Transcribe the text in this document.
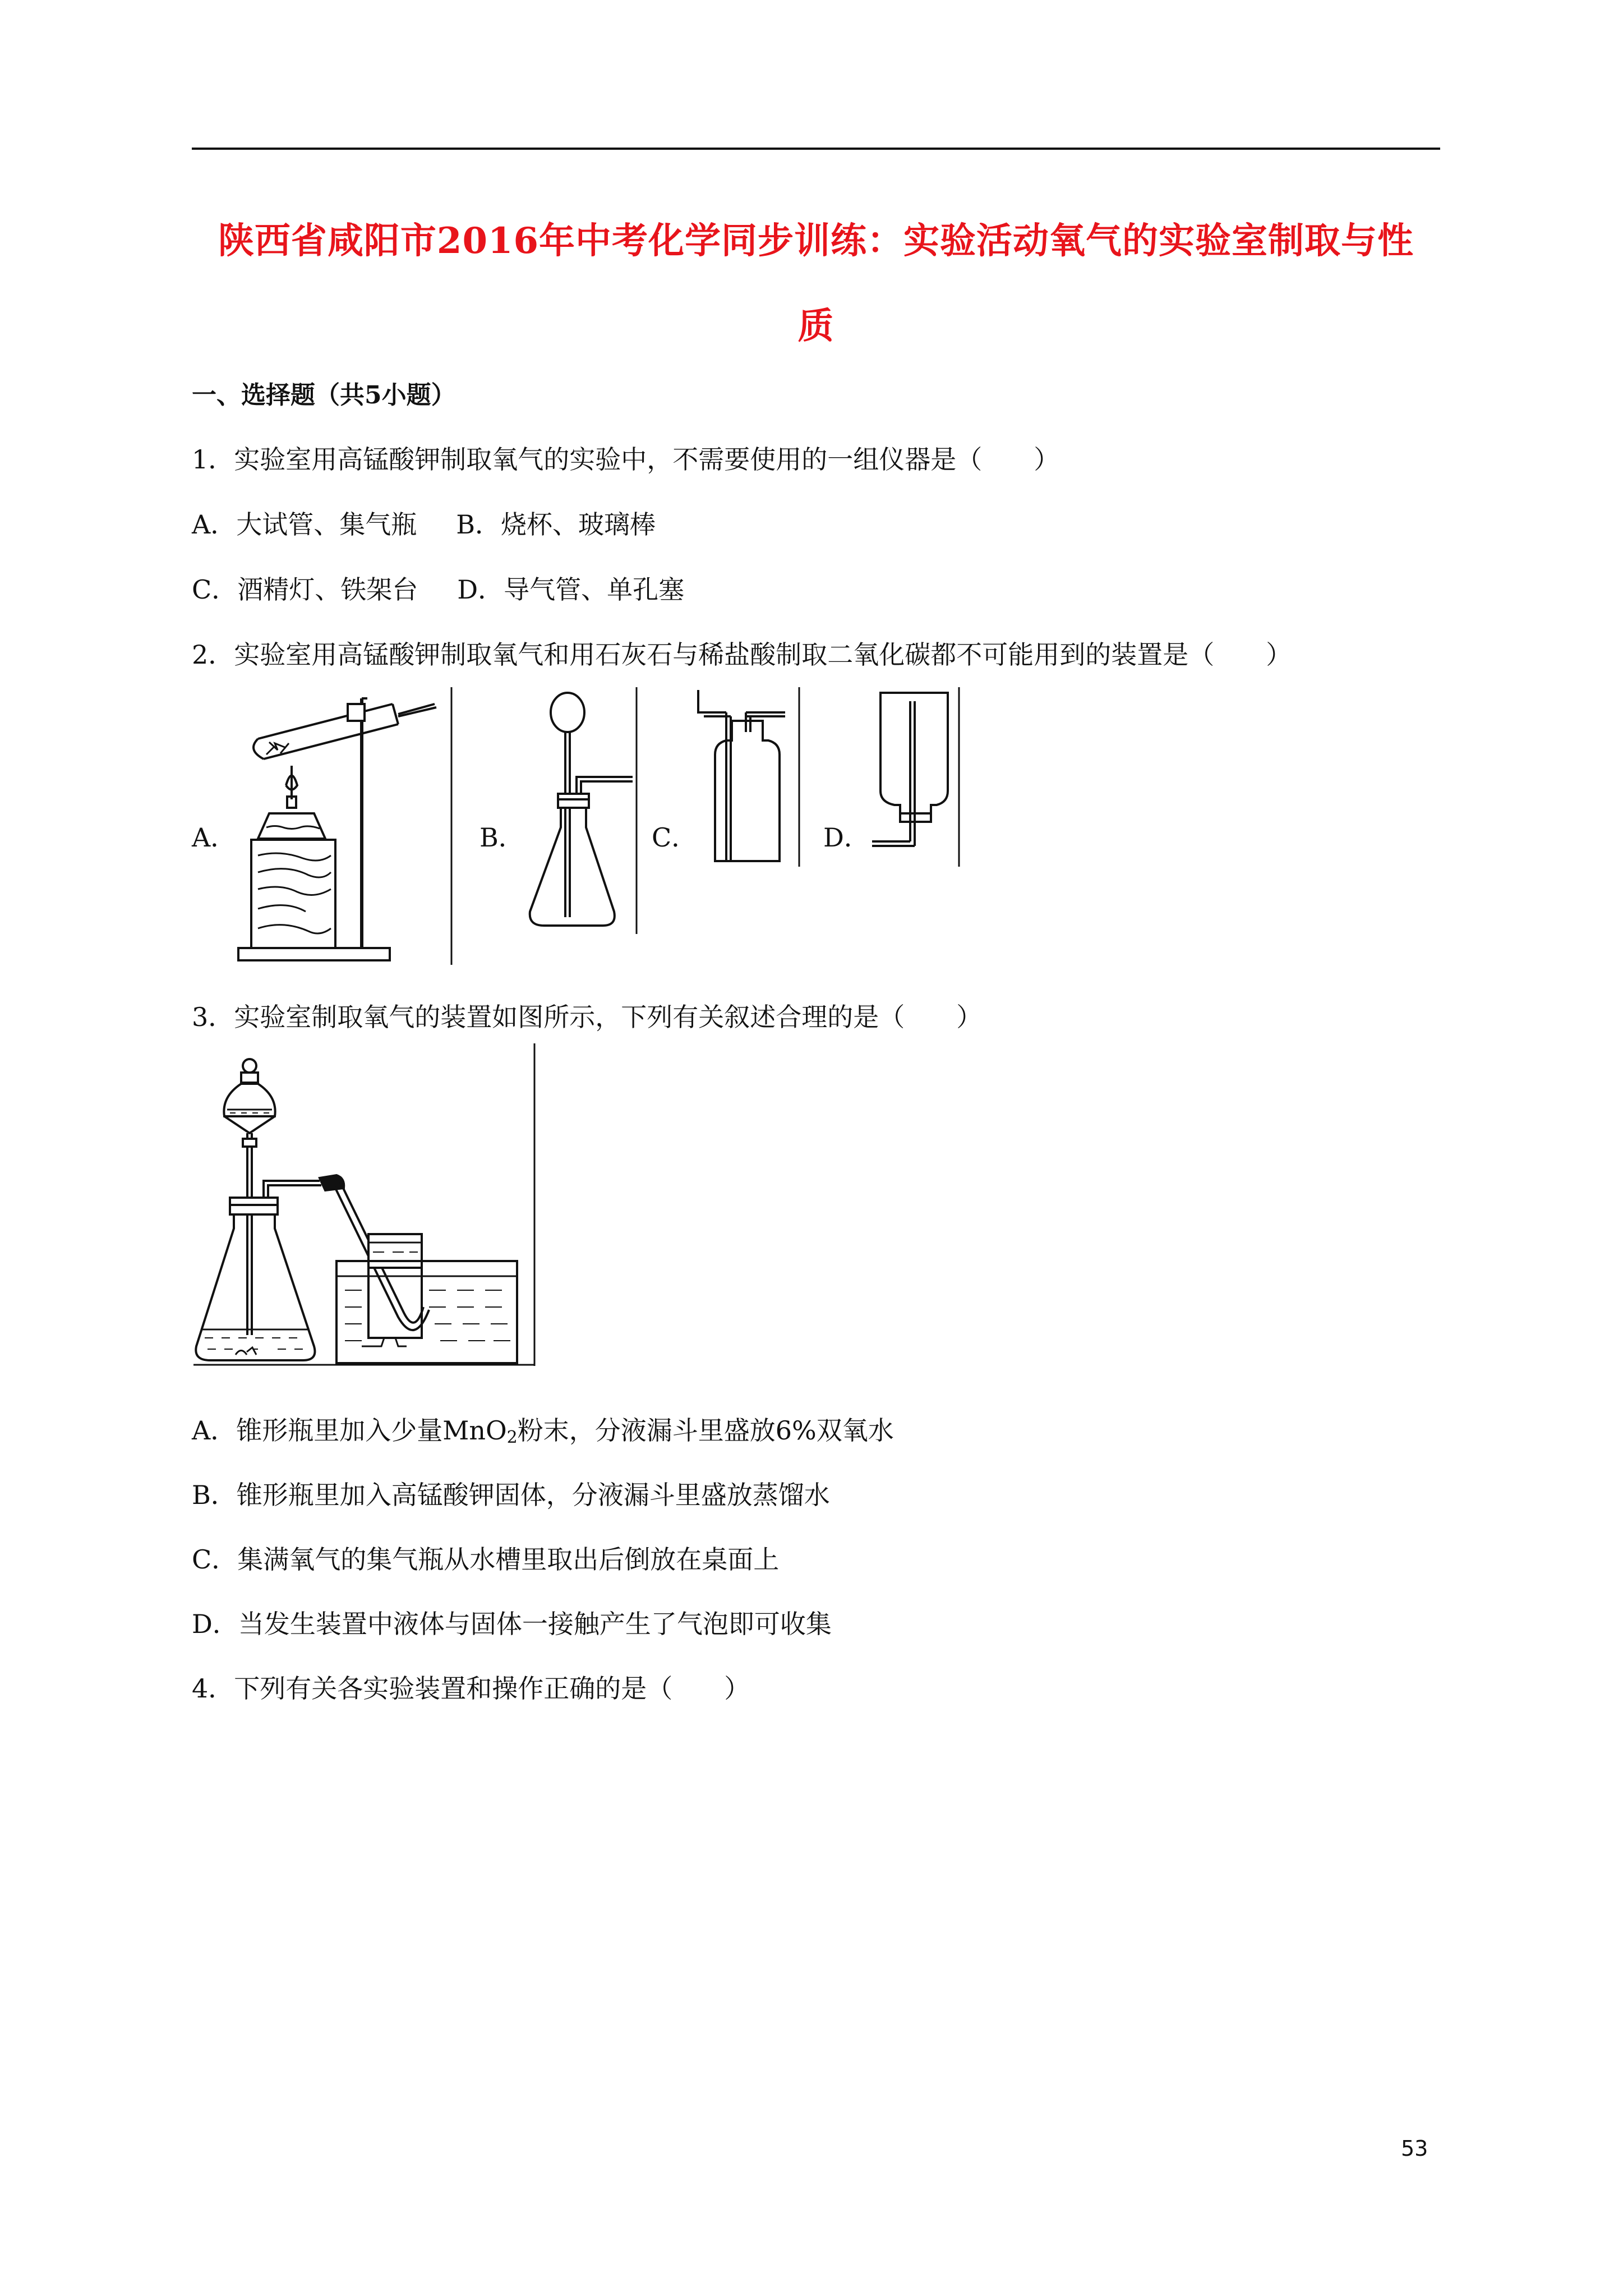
陕西省咸阳市2016年中考化学同步训练：实验活动氧气的实验室制取与性
质
一、选择题（共5小题）
1．实验室用高锰酸钾制取氧气的实验中，不需要使用的一组仪器是（　　）
A．大试管、集气瓶 B．烧杯、玻璃棒
C．酒精灯、铁架台 D．导气管、单孔塞
2．实验室用高锰酸钾制取氧气和用石灰石与稀盐酸制取二氧化碳都不可能用到的装置是（　　）
A．	B．	C．	D．
3．实验室制取氧气的装置如图所示，下列有关叙述合理的是（　　）
A．锥形瓶里加入少量MnO$_2$粉末，分液漏斗里盛放6%双氧水
B．锥形瓶里加入高锰酸钾固体，分液漏斗里盛放蒸馏水
C．集满氧气的集气瓶从水槽里取出后倒放在桌面上
D．当发生装置中液体与固体一接触产生了气泡即可收集
4．下列有关各实验装置和操作正确的是（　　）
53
